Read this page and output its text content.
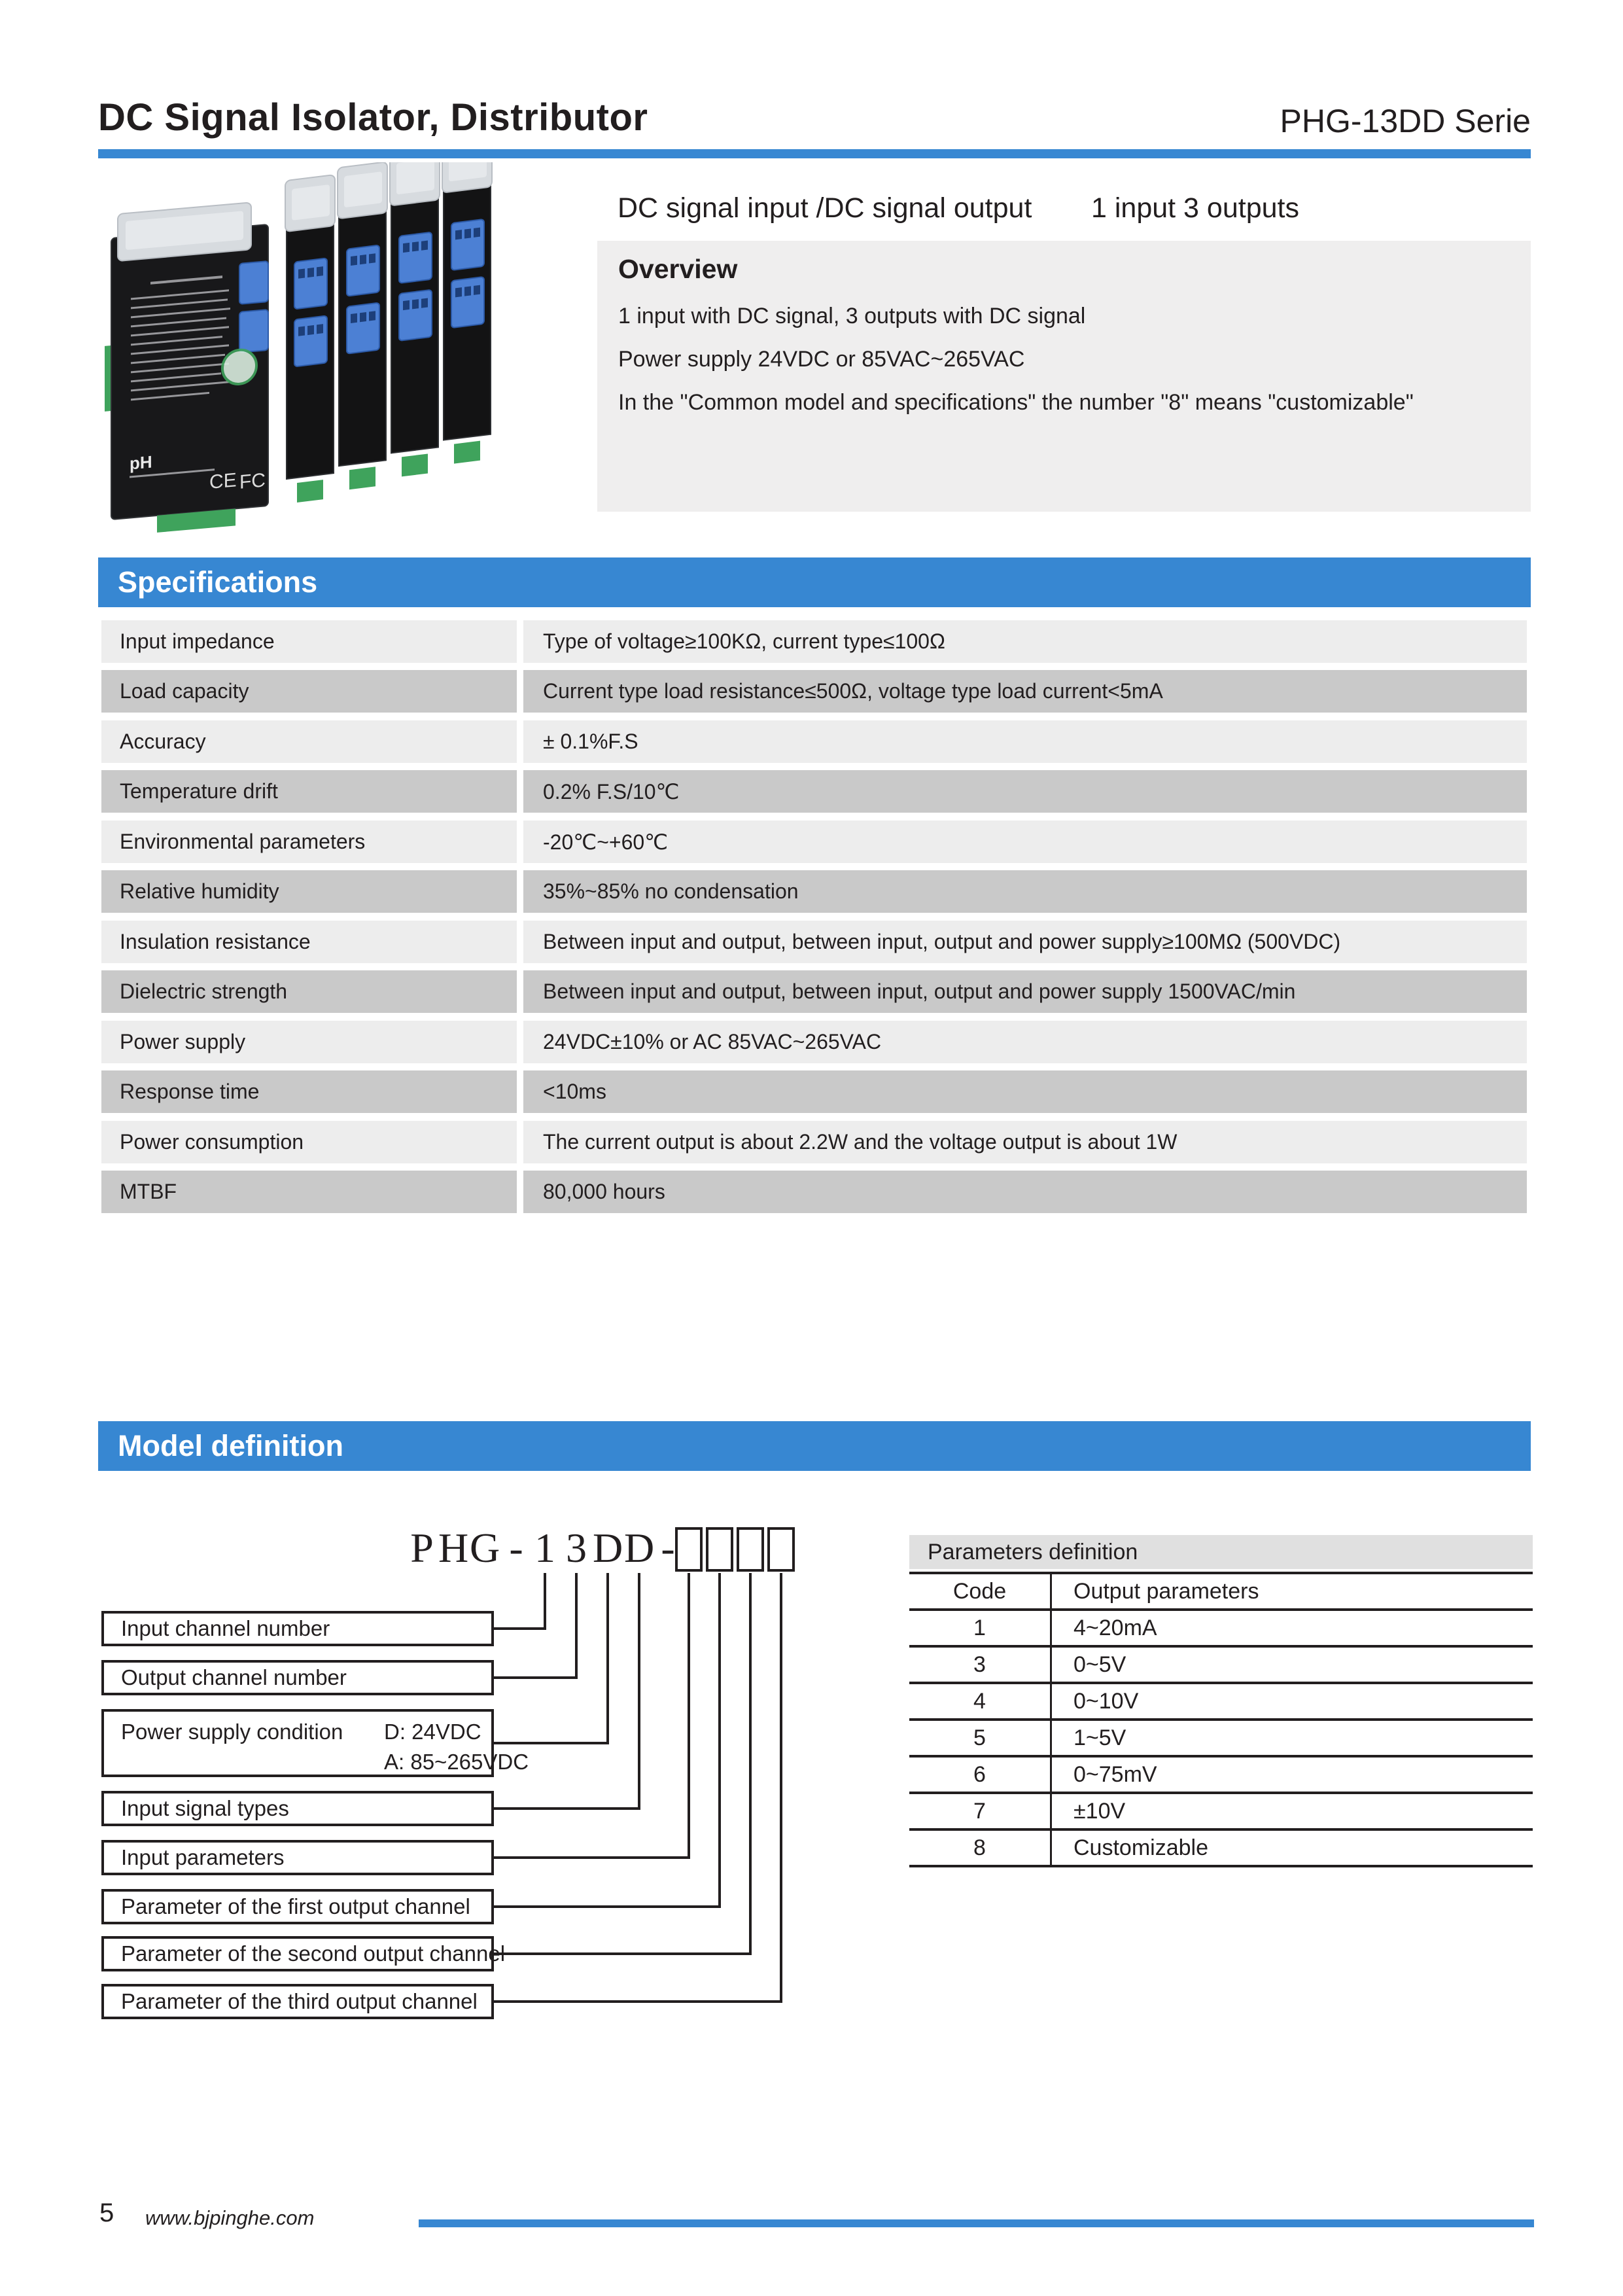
DC Signal Isolator, Distributor	PHG-13DD Serie
pH
CE FC
DC signal input /DC signal output 1 input 3 outputs
Overview
1 input with DC signal, 3 outputs with DC signal
Power supply 24VDC or 85VAC~265VAC
In the "Common model and specifications" the number "8" means "customizable"
Specifications
Input impedance	Type of voltage≥100KΩ, current type≤100Ω
Load capacity	Current type load resistance≤500Ω, voltage type load current<5mA
Accuracy	± 0.1%F.S
Temperature drift	0.2% F.S/10℃
Environmental parameters	-20℃~+60℃
Relative humidity	35%~85% no condensation
Insulation resistance	Between input and output, between input, output and power supply≥100MΩ (500VDC)
Dielectric strength	Between input and output, between input, output and power supply 1500VAC/min
Power supply	24VDC±10% or AC 85VAC~265VAC
Response time	<10ms
Power consumption	The current output is about 2.2W and the voltage output is about 1W
MTBF	80,000 hours
Model definition
P H G - 1 3 D D -
Input channel number
Output channel number
Power supply condition D: 24VDC
A: 85~265VDC
Input signal types
Input parameters
Parameter of the first output channel
Parameter of the second output channel
Parameter of the third output channel
Parameters definition
Code	Output parameters
1	4~20mA
3	0~5V
4	0~10V
5	1~5V
6	0~75mV
7	±10V
8	Customizable
5 www.bjpinghe.com
